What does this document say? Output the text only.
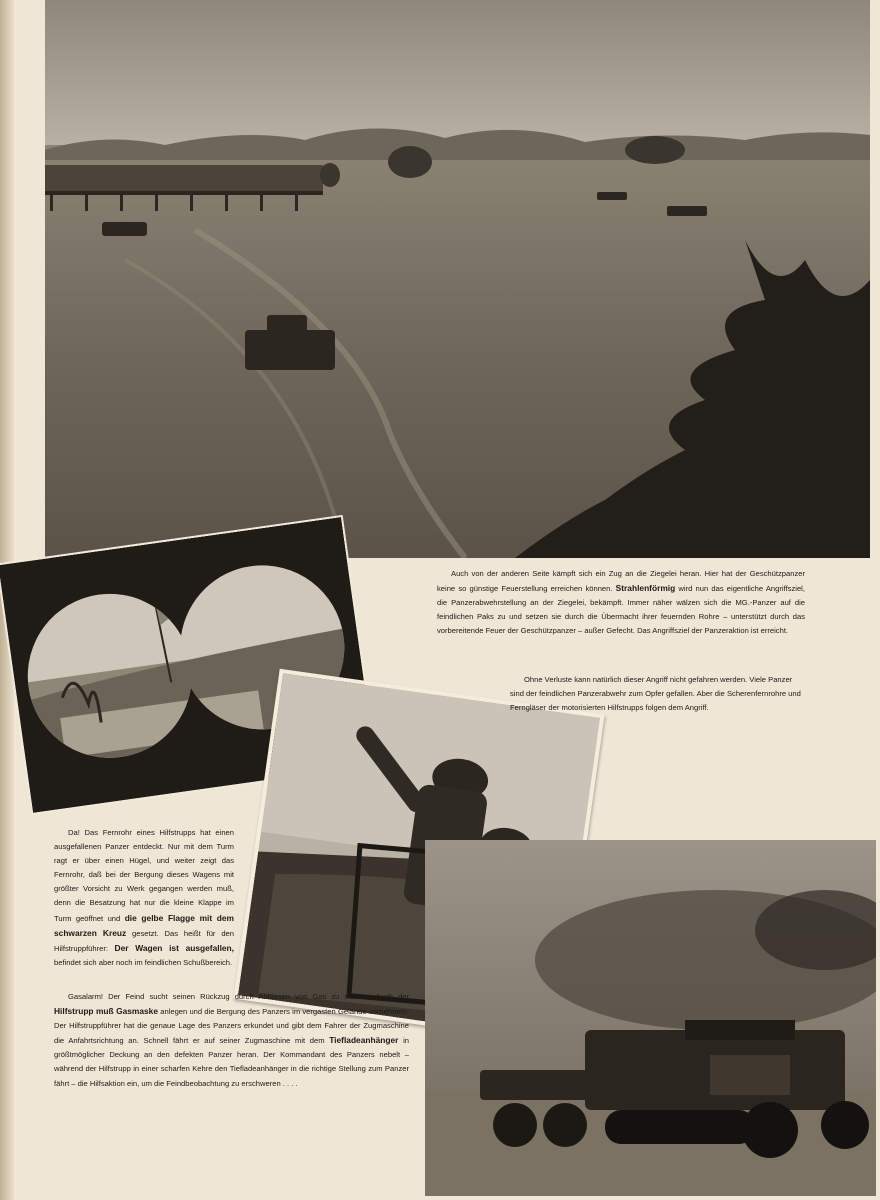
Auch von der anderen Seite kämpft sich ein Zug an die Ziegelei heran. Hier hat der Geschützpanzer keine so günstige Feuerstellung erreichen können. Strahlenförmig wird nun das eigentliche Angriffsziel, die Panzerabwehrstellung an der Ziegelei, bekämpft. Immer näher wälzen sich die MG.-Panzer auf die feindlichen Paks zu und setzen sie durch die Übermacht ihrer feuernden Rohre – unterstützt durch das vorbereitende Feuer der Geschützpanzer – außer Gefecht. Das Angriffsziel der Panzeraktion ist erreicht.

Ohne Verluste kann natürlich dieser Angriff nicht gefahren werden. Viele Panzer sind der feindlichen Panzerabwehr zum Opfer gefallen. Aber die Scherenfernrohre und Ferngläser der motorisierten Hilfstrupps folgen dem Angriff.

Da! Das Fernrohr eines Hilfstrupps hat einen ausgefallenen Panzer entdeckt. Nur mit dem Turm ragt er über einen Hügel, und weiter zeigt das Fernrohr, daß bei der Bergung dieses Wagens mit größter Vorsicht zu Werk gegangen werden muß, denn die Besatzung hat nur die kleine Klappe im Turm geöffnet und die gelbe Flagge mit dem schwarzen Kreuz gesetzt. Das heißt für den Hilfstruppführer: Der Wagen ist ausgefallen, befindet sich aber noch im feindlichen Schußbereich.

Gasalarm! Der Feind sucht seinen Rückzug durch Abblasen von Gas zu sichern. Auch der Hilfstrupp muß Gasmaske anlegen und die Bergung des Panzers im vergasten Gelände vornehmen. Der Hilfstruppführer hat die genaue Lage des Panzers erkundet und gibt dem Fahrer der Zugmaschine die Anfahrtsrichtung an. Schnell fährt er auf seiner Zugmaschine mit dem Tiefladeanhänger in größtmöglicher Deckung an den defekten Panzer heran. Der Kommandant des Panzers nebelt – während der Hilfstrupp in einer scharfen Kehre den Tiefladeanhänger in die richtige Stellung zum Panzer fährt – die Hilfsaktion ein, um die Feindbeobachtung zu erschweren . . . .
